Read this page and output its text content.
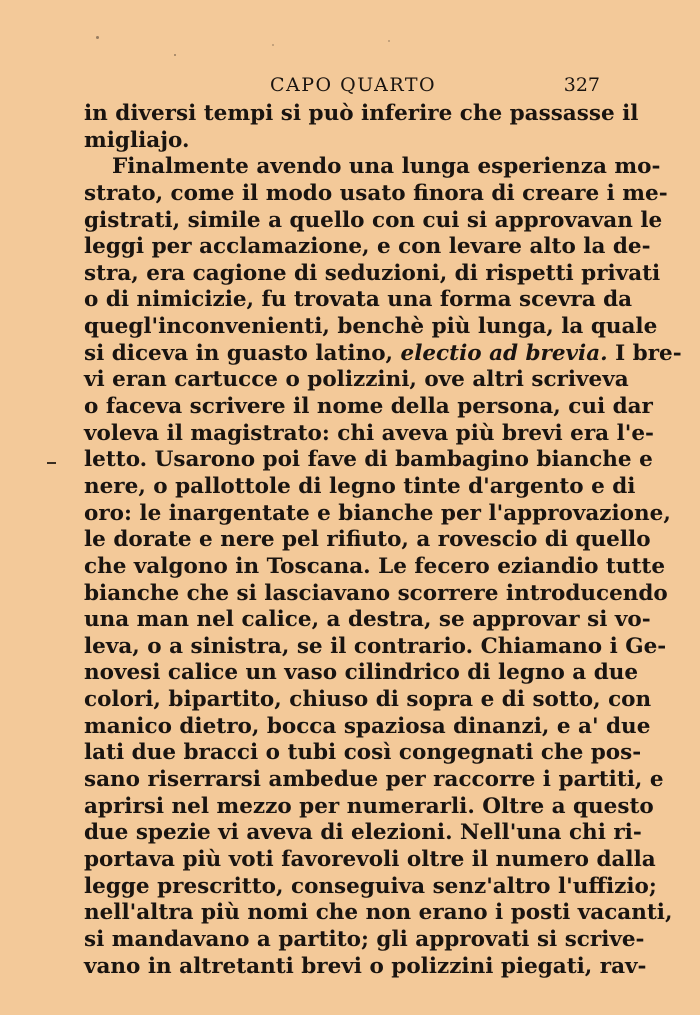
CAPO QUARTO	327
in diversi tempi si può inferire che passasse il
migliajo.
Finalmente avendo una lunga esperienza mo-
strato, come il modo usato finora di creare i me-
gistrati, simile a quello con cui si approvavan le
leggi per acclamazione, e con levare alto la de-
stra, era cagione di seduzioni, di rispetti privati
o di nimicizie, fu trovata una forma scevra da
quegl'inconvenienti, benchè più lunga, la quale
si diceva in guasto latino, electio ad brevia. I bre-
vi eran cartucce o polizzini, ove altri scriveva
o faceva scrivere il nome della persona, cui dar
voleva il magistrato: chi aveva più brevi era l'e-
letto. Usarono poi fave di bambagino bianche e
nere, o pallottole di legno tinte d'argento e di
oro: le inargentate e bianche per l'approvazione,
le dorate e nere pel rifiuto, a rovescio di quello
che valgono in Toscana. Le fecero eziandio tutte
bianche che si lasciavano scorrere introducendo
una man nel calice, a destra, se approvar si vo-
leva, o a sinistra, se il contrario. Chiamano i Ge-
novesi calice un vaso cilindrico di legno a due
colori, bipartito, chiuso di sopra e di sotto, con
manico dietro, bocca spaziosa dinanzi, e a' due
lati due bracci o tubi così congegnati che pos-
sano riserrarsi ambedue per raccorre i partiti, e
aprirsi nel mezzo per numerarli. Oltre a questo
due spezie vi aveva di elezioni. Nell'una chi ri-
portava più voti favorevoli oltre il numero dalla
legge prescritto, conseguiva senz'altro l'uffizio;
nell'altra più nomi che non erano i posti vacanti,
si mandavano a partito; gli approvati si scrive-
vano in altretanti brevi o polizzini piegati, rav-
